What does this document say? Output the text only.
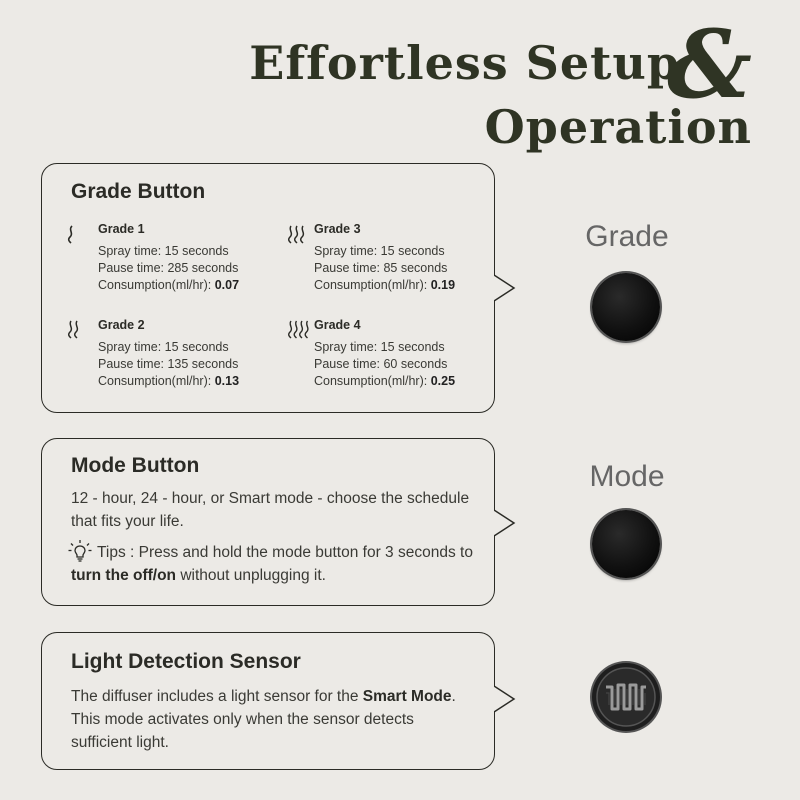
Effortless Setup
&
Operation
Grade Button
Grade 1
Spray time: 15 seconds
Pause time: 285 seconds
Consumption(ml/hr): 0.07
Grade 3
Spray time: 15 seconds
Pause time: 85 seconds
Consumption(ml/hr): 0.19
Grade 2
Spray time: 15 seconds
Pause time: 135 seconds
Consumption(ml/hr): 0.13
Grade 4
Spray time: 15 seconds
Pause time: 60 seconds
Consumption(ml/hr): 0.25
Mode Button
12 - hour, 24 - hour, or Smart mode - choose the schedule that fits your life.
Tips : Press and hold the mode button for 3 seconds to turn the off/on without unplugging it.
Light Detection Sensor
The diffuser includes a light sensor for the Smart Mode. This mode activates only when the sensor detects sufficient light.
Grade
Mode
